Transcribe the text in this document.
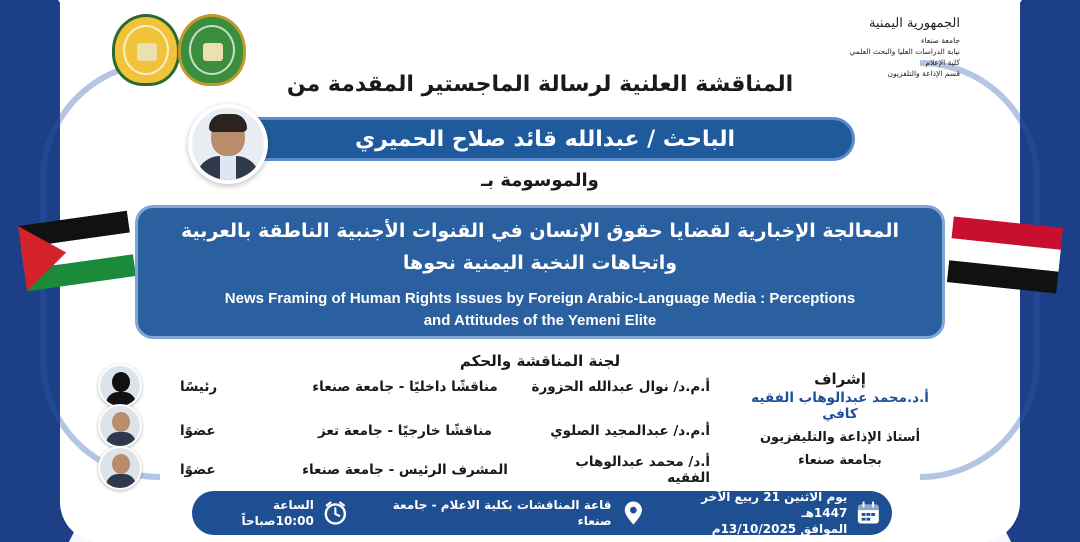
الجمهورية اليمنية
جامعة صنعاء
نيابة الدراسات العليا والبحث العلمي
كلية الإعلام
قسم الإذاعة والتلفزيون
المناقشة العلنية لرسالة الماجستير المقدمة من
الباحث / عبدالله قائد صلاح الحميري
والموسومة بـ
المعالجة الإخبارية لقضايا حقوق الإنسان في القنوات الأجنبية الناطقة بالعربية
واتجاهات النخبة اليمنية نحوها
News Framing of Human Rights Issues by Foreign Arabic-Language Media : Perceptions
and Attitudes of the Yemeni Elite
لجنة المناقشة والحكم
أ.م.د/ نوال عبدالله الحزورة
مناقشًا داخليًا - جامعة صنعاء
رئيسًا
أ.م.د/ عبدالمجيد الصلوي
مناقشًا خارجيًا - جامعة تعز
عضوًا
أ.د/ محمد عبدالوهاب الفقيه
المشرف الرئيس - جامعة صنعاء
عضوًا
إشراف
أ.د.محمد عبدالوهاب الفقيه كافي
أستاذ الإذاعة والتليفزيون
بجامعة صنعاء
يوم الاثنين 21 ربيع الآخر 1447هـ
الموافق 13/10/2025م
قاعة المناقشات بكلية الاعلام - جامعة صنعاء
الساعة 10:00صباحاً
